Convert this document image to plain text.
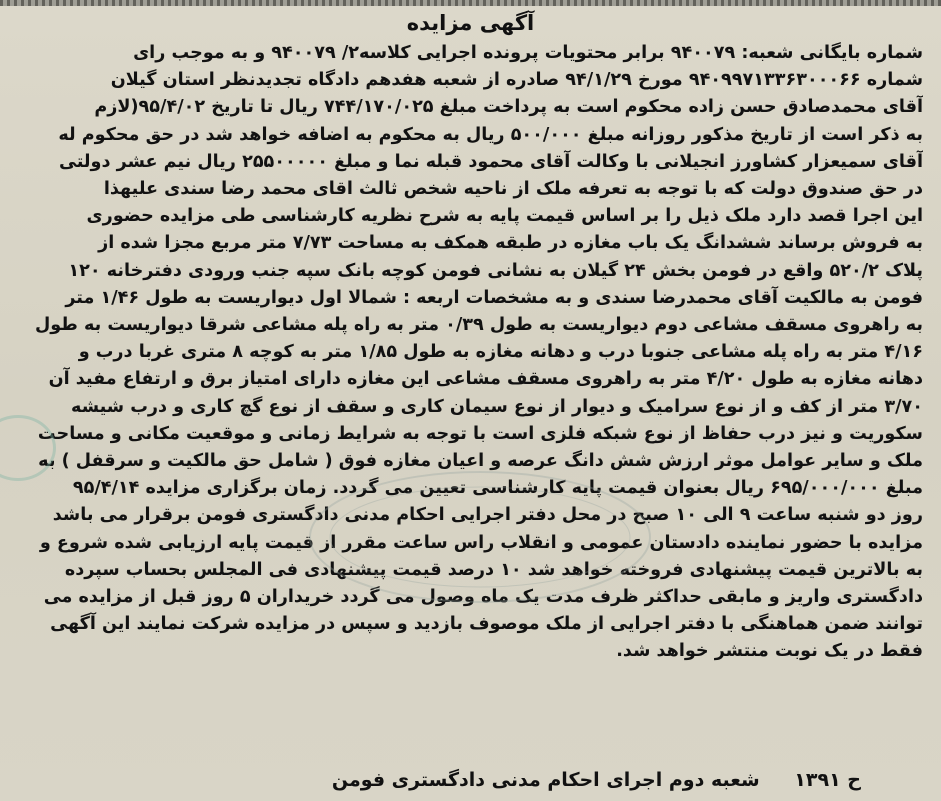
آگهی مزایده
شماره بایگانی شعبه: ۹۴۰۰۷۹ برابر محتویات پرونده اجرایی کلاسه۲/ ۹۴۰۰۷۹ و به موجب رای
شماره ۹۴۰۹۹۷۱۳۳۶۳۰۰۰۶۶ مورخ ۹۴/۱/۲۹ صادره از شعبه هفدهم دادگاه تجدیدنظر استان گیلان
آقای محمدصادق حسن زاده محکوم است به پرداخت مبلغ ۷۴۴/۱۷۰/۰۲۵ ریال تا تاریخ ۹۵/۴/۰۲(لازم
به ذکر است از تاریخ مذکور روزانه مبلغ ۵۰۰/۰۰۰ ریال به محکوم به اضافه خواهد شد در حق محکوم له
آقای سمیعزار کشاورز انجیلانی با وکالت آقای محمود قبله نما و مبلغ ۲۵۵۰۰۰۰۰ ریال نیم عشر دولتی
در حق صندوق دولت که با توجه به تعرفه ملک از ناحیه شخص ثالث اقای محمد رضا سندی علیهذا
این اجرا قصد دارد ملک ذیل را بر اساس قیمت پایه به شرح نظریه کارشناسی طی مزایده حضوری
به فروش برساند ششدانگ یک باب مغازه در طبقه همکف به مساحت ۷/۷۳ متر مربع مجزا شده از
پلاک ۵۲۰/۲ واقع در فومن بخش ۲۴ گیلان به نشانی فومن کوچه بانک سپه جنب ورودی دفترخانه ۱۲۰
فومن به مالکیت آقای محمدرضا سندی و به مشخصات اربعه : شمالا اول دیواریست به طول ۱/۴۶ متر
به راهروی مسقف مشاعی دوم دیواریست به طول ۰/۳۹ متر به راه پله مشاعی شرقا دیواریست به طول
۴/۱۶ متر به راه پله مشاعی جنوبا درب و دهانه مغازه به طول ۱/۸۵ متر به کوچه ۸ متری غربا درب و
دهانه مغازه به طول ۴/۲۰ متر به راهروی مسقف مشاعی این مغازه دارای امتیاز برق و ارتفاع مفید آن
۳/۷۰ متر از کف و از نوع سرامیک و دیوار از نوع سیمان کاری و سقف از نوع گچ کاری و درب شیشه
سکوریت و نیز درب حفاظ از نوع شبکه فلزی است با توجه به شرایط زمانی و موقعیت مکانی و مساحت
ملک و سایر عوامل موثر ارزش شش دانگ عرصه و اعیان مغازه فوق ( شامل حق مالکیت و سرقفل ) به
مبلغ ۶۹۵/۰۰۰/۰۰۰ ریال بعنوان قیمت پایه کارشناسی تعیین می گردد. زمان برگزاری مزایده ۹۵/۴/۱۴
روز دو شنبه ساعت ۹ الی ۱۰ صبح در محل دفتر اجرایی احکام مدنی دادگستری فومن برقرار می باشد
مزایده با حضور نماینده دادستان عمومی و انقلاب راس ساعت مقرر از قیمت پایه ارزیابی شده شروع و
به بالاترین قیمت پیشنهادی فروخته خواهد شد ۱۰ درصد قیمت پیشنهادی فی المجلس بحساب سپرده
دادگستری واریز و مابقی حداکثر ظرف مدت یک ماه وصول می گردد خریداران ۵ روز قبل از مزایده می
توانند ضمن هماهنگی با دفتر اجرایی از ملک موصوف بازدید و سپس در مزایده شرکت نمایند این آگهی
فقط در یک نوبت منتشر خواهد شد.
ح ۱۳۹۱ شعبه دوم اجرای احکام مدنی دادگستری فومن
